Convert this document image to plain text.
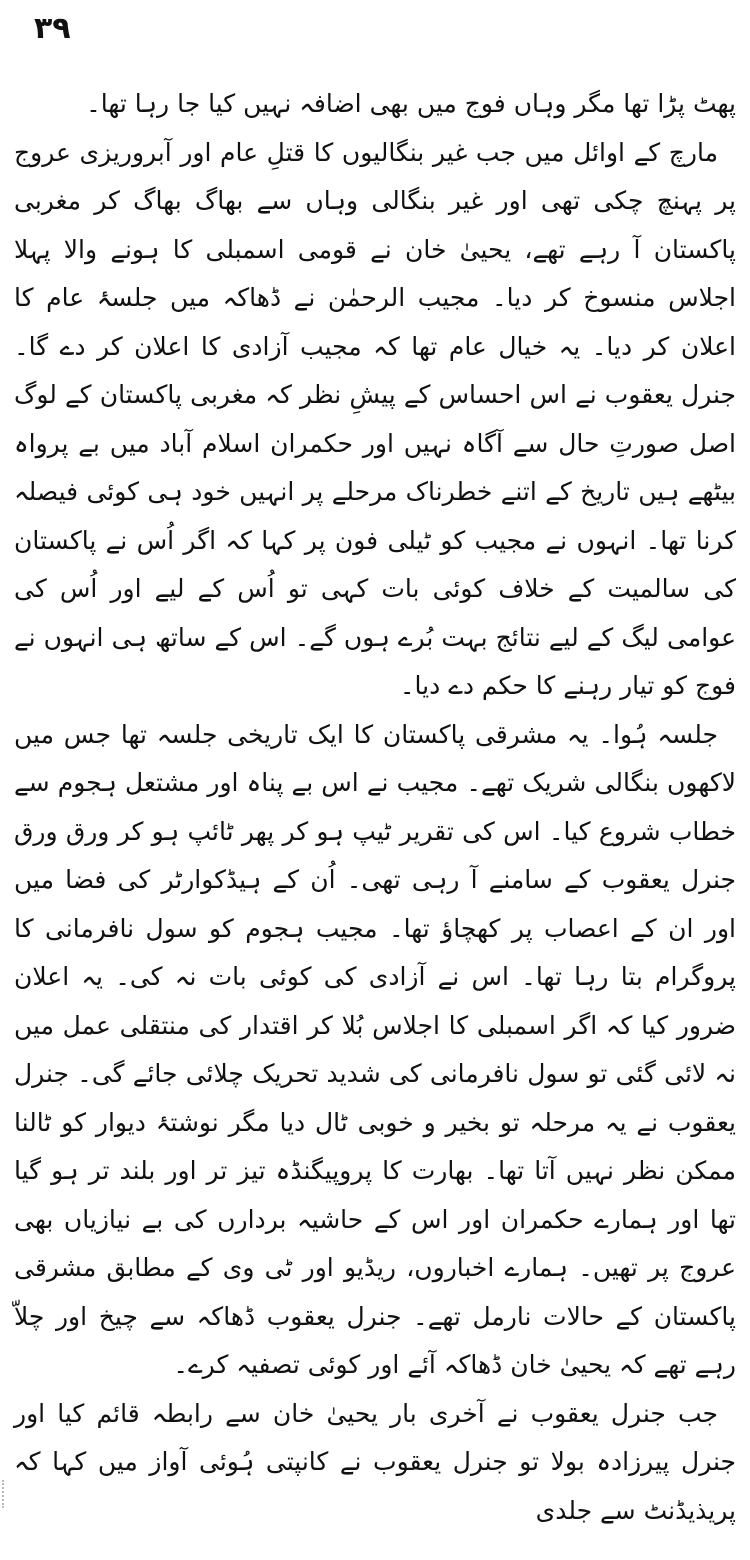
٣٩

پھٹ پڑا تھا مگر وہاں فوج میں بھی اضافہ نہیں کیا جا رہا تھا۔

مارچ کے اوائل میں جب غیر بنگالیوں کا قتلِ عام اور آبروریزی عروج پر پہنچ چکی تھی اور غیر بنگالی وہاں سے بھاگ بھاگ کر مغربی پاکستان آ رہے تھے، یحییٰ خان نے قومی اسمبلی کا ہونے والا پہلا اجلاس منسوخ کر دیا۔ مجیب الرحمٰن نے ڈھاکہ میں جلسۂ عام کا اعلان کر دیا۔ یہ خیال عام تھا کہ مجیب آزادی کا اعلان کر دے گا۔ جنرل یعقوب نے اس احساس کے پیشِ نظر کہ مغربی پاکستان کے لوگ اصل صورتِ حال سے آگاہ نہیں اور حکمران اسلام آباد میں بے پرواہ بیٹھے ہیں تاریخ کے اتنے خطرناک مرحلے پر انہیں خود ہی کوئی فیصلہ کرنا تھا۔ انہوں نے مجیب کو ٹیلی فون پر کہا کہ اگر اُس نے پاکستان کی سالمیت کے خلاف کوئی بات کہی تو اُس کے لیے اور اُس کی عوامی لیگ کے لیے نتائج بہت بُرے ہوں گے۔ اس کے ساتھ ہی انہوں نے فوج کو تیار رہنے کا حکم دے دیا۔

جلسہ ہُوا۔ یہ مشرقی پاکستان کا ایک تاریخی جلسہ تھا جس میں لاکھوں بنگالی شریک تھے۔ مجیب نے اس بے پناہ اور مشتعل ہجوم سے خطاب شروع کیا۔ اس کی تقریر ٹیپ ہو کر پھر ٹائپ ہو کر ورق ورق جنرل یعقوب کے سامنے آ رہی تھی۔ اُن کے ہیڈکوارٹر کی فضا میں اور ان کے اعصاب پر کھچاؤ تھا۔ مجیب ہجوم کو سول نافرمانی کا پروگرام بتا رہا تھا۔ اس نے آزادی کی کوئی بات نہ کی۔ یہ اعلان ضرور کیا کہ اگر اسمبلی کا اجلاس بُلا کر اقتدار کی منتقلی عمل میں نہ لائی گئی تو سول نافرمانی کی شدید تحریک چلائی جائے گی۔ جنرل یعقوب نے یہ مرحلہ تو بخیر و خوبی ٹال دیا مگر نوشتۂ دیوار کو ٹالنا ممکن نظر نہیں آتا تھا۔ بھارت کا پروپیگنڈہ تیز تر اور بلند تر ہو گیا تھا اور ہمارے حکمران اور اس کے حاشیہ بردارں کی بے نیازیاں بھی عروج پر تھیں۔ ہمارے اخباروں، ریڈیو اور ٹی وی کے مطابق مشرقی پاکستان کے حالات نارمل تھے۔ جنرل یعقوب ڈھاکہ سے چیخ اور چلاّ رہے تھے کہ یحییٰ خان ڈھاکہ آئے اور کوئی تصفیہ کرے۔

جب جنرل یعقوب نے آخری بار یحییٰ خان سے رابطہ قائم کیا اور جنرل پیرزادہ بولا تو جنرل یعقوب نے کانپتی ہُوئی آواز میں کہا کہ پریذیڈنٹ سے جلدی
